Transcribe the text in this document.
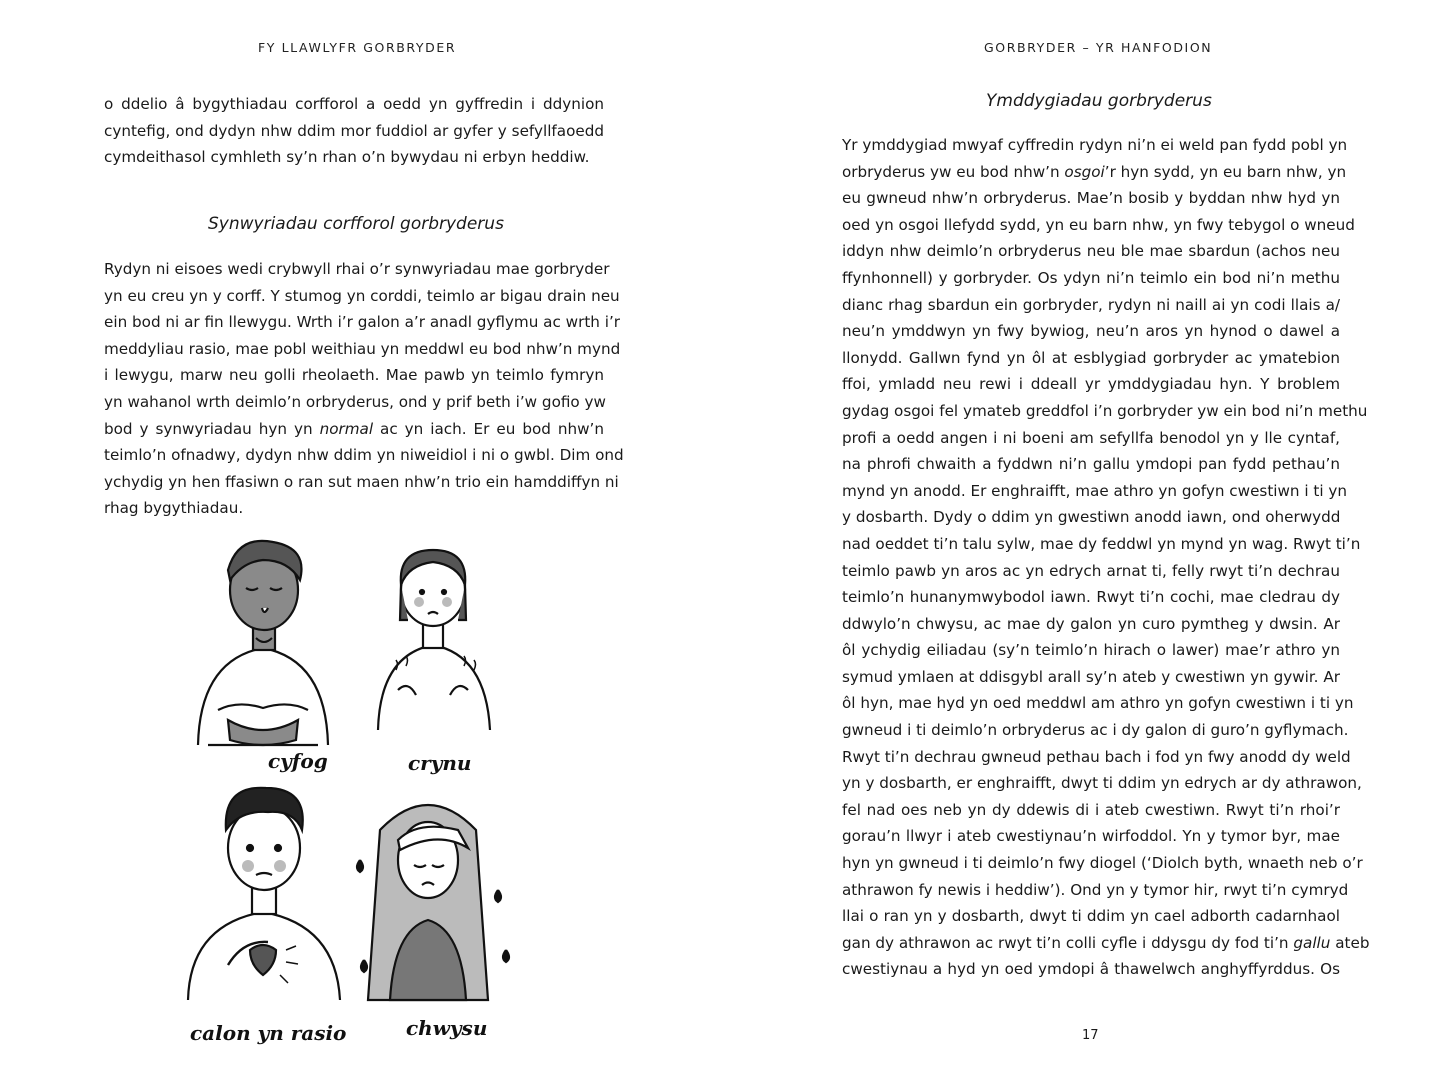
FY LLAWLYFR GORBRYDER
o ddelio â bygythiadau corfforol a oedd yn gyffredin i ddynion
cyntefig, ond dydyn nhw ddim mor fuddiol ar gyfer y sefyllfaoedd
cymdeithasol cymhleth sy’n rhan o’n bywydau ni erbyn heddiw.
Synwyriadau corfforol gorbryderus
Rydyn ni eisoes wedi crybwyll rhai o’r synwyriadau mae gorbryder
yn eu creu yn y corff. Y stumog yn corddi, teimlo ar bigau drain neu
ein bod ni ar fin llewygu. Wrth i’r galon a’r anadl gyflymu ac wrth i’r
meddyliau rasio, mae pobl weithiau yn meddwl eu bod nhw’n mynd
i lewygu, marw neu golli rheolaeth. Mae pawb yn teimlo fymryn
yn wahanol wrth deimlo’n orbryderus, ond y prif beth i’w gofio yw
bod y synwyriadau hyn yn normal ac yn iach. Er eu bod nhw’n
teimlo’n ofnadwy, dydyn nhw ddim yn niweidiol i ni o gwbl. Dim ond
ychydig yn hen ffasiwn o ran sut maen nhw’n trio ein hamddiffyn ni
rhag bygythiadau.
cyfog	crynu
calon yn rasio	chwysu
GORBRYDER – YR HANFODION
Ymddygiadau gorbryderus
Yr ymddygiad mwyaf cyffredin rydyn ni’n ei weld pan fydd pobl yn
orbryderus yw eu bod nhw’n osgoi’r hyn sydd, yn eu barn nhw, yn
eu gwneud nhw’n orbryderus. Mae’n bosib y byddan nhw hyd yn
oed yn osgoi llefydd sydd, yn eu barn nhw, yn fwy tebygol o wneud
iddyn nhw deimlo’n orbryderus neu ble mae sbardun (achos neu
ffynhonnell) y gorbryder. Os ydyn ni’n teimlo ein bod ni’n methu
dianc rhag sbardun ein gorbryder, rydyn ni naill ai yn codi llais a/
neu’n ymddwyn yn fwy bywiog, neu’n aros yn hynod o dawel a
llonydd. Gallwn fynd yn ôl at esblygiad gorbryder ac ymatebion
ffoi, ymladd neu rewi i ddeall yr ymddygiadau hyn. Y broblem
gydag osgoi fel ymateb greddfol i’n gorbryder yw ein bod ni’n methu
profi a oedd angen i ni boeni am sefyllfa benodol yn y lle cyntaf,
na phrofi chwaith a fyddwn ni’n gallu ymdopi pan fydd pethau’n
mynd yn anodd. Er enghraifft, mae athro yn gofyn cwestiwn i ti yn
y dosbarth. Dydy o ddim yn gwestiwn anodd iawn, ond oherwydd
nad oeddet ti’n talu sylw, mae dy feddwl yn mynd yn wag. Rwyt ti’n
teimlo pawb yn aros ac yn edrych arnat ti, felly rwyt ti’n dechrau
teimlo’n hunanymwybodol iawn. Rwyt ti’n cochi, mae cledrau dy
ddwylo’n chwysu, ac mae dy galon yn curo pymtheg y dwsin. Ar
ôl ychydig eiliadau (sy’n teimlo’n hirach o lawer) mae’r athro yn
symud ymlaen at ddisgybl arall sy’n ateb y cwestiwn yn gywir. Ar
ôl hyn, mae hyd yn oed meddwl am athro yn gofyn cwestiwn i ti yn
gwneud i ti deimlo’n orbryderus ac i dy galon di guro’n gyflymach.
Rwyt ti’n dechrau gwneud pethau bach i fod yn fwy anodd dy weld
yn y dosbarth, er enghraifft, dwyt ti ddim yn edrych ar dy athrawon,
fel nad oes neb yn dy ddewis di i ateb cwestiwn. Rwyt ti’n rhoi’r
gorau’n llwyr i ateb cwestiynau’n wirfoddol. Yn y tymor byr, mae
hyn yn gwneud i ti deimlo’n fwy diogel (‘Diolch byth, wnaeth neb o’r
athrawon fy newis i heddiw’). Ond yn y tymor hir, rwyt ti’n cymryd
llai o ran yn y dosbarth, dwyt ti ddim yn cael adborth cadarnhaol
gan dy athrawon ac rwyt ti’n colli cyfle i ddysgu dy fod ti’n gallu ateb
cwestiynau a hyd yn oed ymdopi â thawelwch anghyffyrddus. Os
17
